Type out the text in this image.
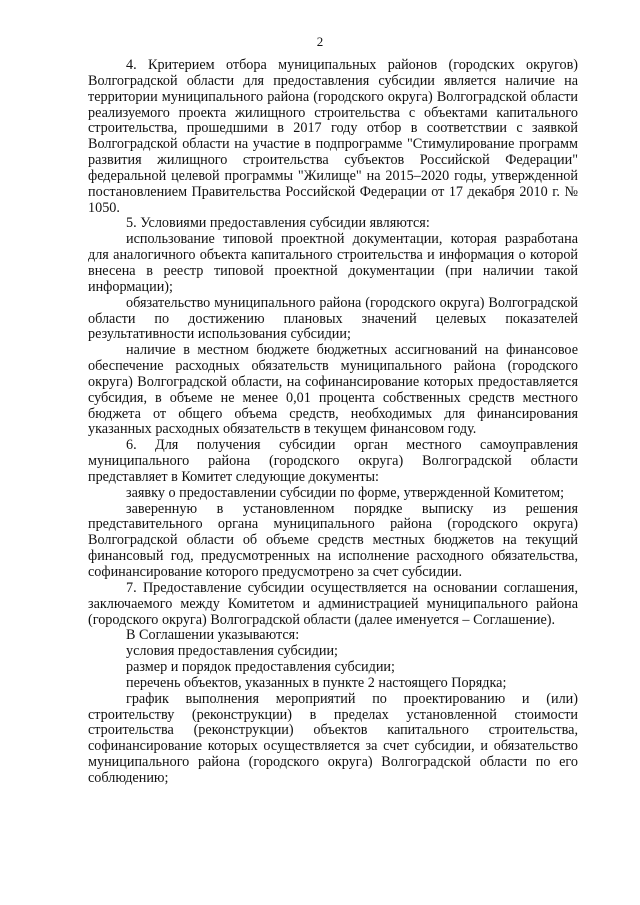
2

4. Критерием отбора муниципальных районов (городских округов) Волгоградской области для предоставления субсидии является наличие на территории муниципального района (городского округа) Волгоградской области реализуемого проекта жилищного строительства с объектами капитального строительства, прошедшими в 2017 году отбор в соответствии с заявкой Волгоградской области на участие в подпрограмме "Стимулирование программ развития жилищного строительства субъектов Российской Федерации" федеральной целевой программы "Жилище" на 2015–2020 годы, утвержденной постановлением Правительства Российской Федерации от 17 декабря 2010 г. № 1050.

5. Условиями предоставления субсидии являются:

использование типовой проектной документации, которая разработана для аналогичного объекта капитального строительства и информация о которой внесена в реестр типовой проектной документации (при наличии такой информации);

обязательство муниципального района (городского округа) Волгоградской области по достижению плановых значений целевых показателей результативности использования субсидии;

наличие в местном бюджете бюджетных ассигнований на финансовое обеспечение расходных обязательств муниципального района (городского округа) Волгоградской области, на софинансирование которых предоставляется субсидия, в объеме не менее 0,01 процента собственных средств местного бюджета от общего объема средств, необходимых для финансирования указанных расходных обязательств в текущем финансовом году.

6. Для получения субсидии орган местного самоуправления муниципального района (городского округа) Волгоградской области представляет в Комитет следующие документы:

заявку о предоставлении субсидии по форме, утвержденной Комитетом;

заверенную в установленном порядке выписку из решения представительного органа муниципального района (городского округа) Волгоградской области об объеме средств местных бюджетов на текущий финансовый год, предусмотренных на исполнение расходного обязательства, софинансирование которого предусмотрено за счет субсидии.

7. Предоставление субсидии осуществляется на основании соглашения, заключаемого между Комитетом и администрацией муниципального района (городского округа) Волгоградской области (далее именуется – Соглашение).

В Соглашении указываются:

условия предоставления субсидии;

размер и порядок предоставления субсидии;

перечень объектов, указанных в пункте 2 настоящего Порядка;

график выполнения мероприятий по проектированию и (или) строительству (реконструкции) в пределах установленной стоимости строительства (реконструкции) объектов капитального строительства, софинансирование которых осуществляется за счет субсидии, и обязательство муниципального района (городского округа) Волгоградской области по его соблюдению;
